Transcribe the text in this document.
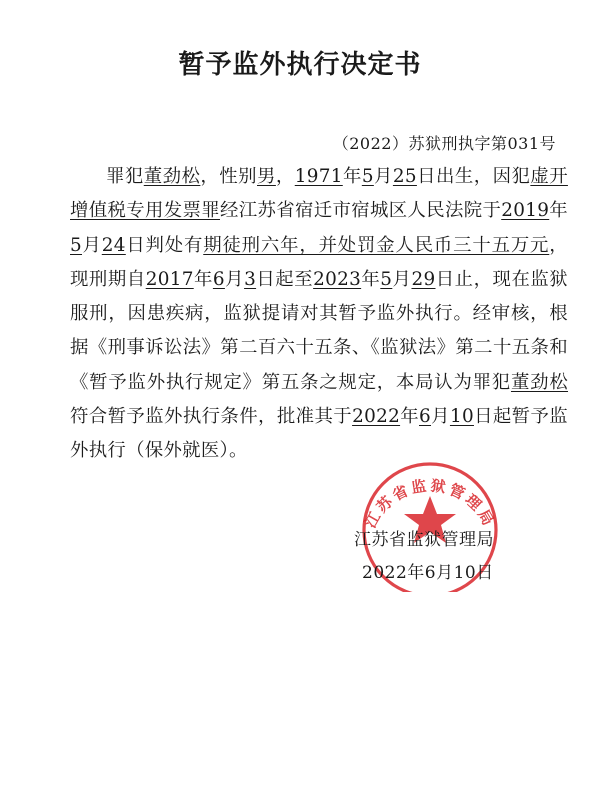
暂予监外执行决定书
（2022）苏狱刑执字第031号
罪犯董劲松，性别男，1971年5月25日出生，因犯虚开增值税专用发票罪经江苏省宿迁市宿城区人民法院于2019年5月24日判处有期徒刑六年，并处罚金人民币三十五万元，现刑期自2017年6月3日起至2023年5月29日止，现在监狱服刑，因患疾病，监狱提请对其暂予监外执行。经审核，根据《刑事诉讼法》第二百六十五条、《监狱法》第二十五条和《暂予监外执行规定》第五条之规定，本局认为罪犯董劲松符合暂予监外执行条件，批准其于2022年6月10日起暂予监外执行（保外就医）。
江苏省监狱管理局
江苏省监狱管理局
2022年6月10日
